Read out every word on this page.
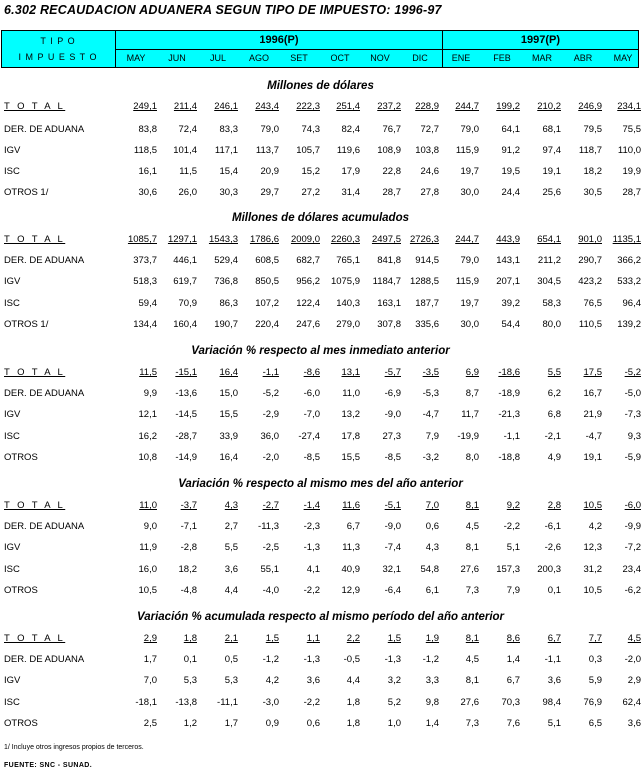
6.302 RECAUDACION ADUANERA SEGUN TIPO DE IMPUESTO: 1996-97
T I P O
I M P U E S T O
1996(P)	1997(P)
MAY	JUN	JUL	AGO	SET	OCT	NOV	DIC	ENE	FEB	MAR	ABR	MAY
Millones de dólares
T O T A L	249,1	211,4	246,1	243,4	222,3	251,4	237,2	228,9	244,7	199,2	210,2	246,9	234,1
DER. DE ADUANA	83,8	72,4	83,3	79,0	74,3	82,4	76,7	72,7	79,0	64,1	68,1	79,5	75,5
IGV	118,5	101,4	117,1	113,7	105,7	119,6	108,9	103,8	115,9	91,2	97,4	118,7	110,0
ISC	16,1	11,5	15,4	20,9	15,2	17,9	22,8	24,6	19,7	19,5	19,1	18,2	19,9
OTROS 1/	30,6	26,0	30,3	29,7	27,2	31,4	28,7	27,8	30,0	24,4	25,6	30,5	28,7
Millones de dólares acumulados
T O T A L	1085,7	1297,1	1543,3	1786,6	2009,0	2260,3	2497,5 2726,3	244,7	443,9	654,1	901,0	1135,1
DER. DE ADUANA	373,7	446,1	529,4	608,5	682,7	765,1	841,8	914,5	79,0	143,1	211,2	290,7	366,2
IGV	518,3	619,7	736,8	850,5	956,2	1075,9	1184,7 1288,5	115,9	207,1	304,5	423,2	533,2
ISC	59,4	70,9	86,3	107,2	122,4	140,3	163,1	187,7	19,7	39,2	58,3	76,5	96,4
OTROS 1/	134,4	160,4	190,7	220,4	247,6	279,0	307,8	335,6	30,0	54,4	80,0	110,5	139,2
Variación % respecto al mes inmediato anterior
T O T A L	11,5	-15,1	16,4	-1,1	-8,6	13,1	-5,7	-3,5	6,9	-18,6	5,5	17,5	-5,2
DER. DE ADUANA	9,9	-13,6	15,0	-5,2	-6,0	11,0	-6,9	-5,3	8,7	-18,9	6,2	16,7	-5,0
IGV	12,1	-14,5	15,5	-2,9	-7,0	13,2	-9,0	-4,7	11,7	-21,3	6,8	21,9	-7,3
ISC	16,2	-28,7	33,9	36,0	-27,4	17,8	27,3	7,9	-19,9	-1,1	-2,1	-4,7	9,3
OTROS	10,8	-14,9	16,4	-2,0	-8,5	15,5	-8,5	-3,2	8,0	-18,8	4,9	19,1	-5,9
Variación % respecto al mismo mes del año anterior
T O T A L	11,0	-3,7	4,3	-2,7	-1,4	11,6	-5,1	7,0	8,1	9,2	2,8	10,5	-6,0
DER. DE ADUANA	9,0	-7,1	2,7	-11,3	-2,3	6,7	-9,0	0,6	4,5	-2,2	-6,1	4,2	-9,9
IGV	11,9	-2,8	5,5	-2,5	-1,3	11,3	-7,4	4,3	8,1	5,1	-2,6	12,3	-7,2
ISC	16,0	18,2	3,6	55,1	4,1	40,9	32,1	54,8	27,6	157,3	200,3	31,2	23,4
OTROS	10,5	-4,8	4,4	-4,0	-2,2	12,9	-6,4	6,1	7,3	7,9	0,1	10,5	-6,2
Variación % acumulada respecto al mismo período del año anterior
T O T A L	2,9	1,8	2,1	1,5	1,1	2,2	1,5	1,9	8,1	8,6	6,7	7,7	4,5
DER. DE ADUANA	1,7	0,1	0,5	-1,2	-1,3	-0,5	-1,3	-1,2	4,5	1,4	-1,1	0,3	-2,0
IGV	7,0	5,3	5,3	4,2	3,6	4,4	3,2	3,3	8,1	6,7	3,6	5,9	2,9
ISC	-18,1	-13,8	-11,1	-3,0	-2,2	1,8	5,2	9,8	27,6	70,3	98,4	76,9	62,4
OTROS	2,5	1,2	1,7	0,9	0,6	1,8	1,0	1,4	7,3	7,6	5,1	6,5	3,6
1/ Incluye otros ingresos propios de terceros.
FUENTE: SNC - SUNAD.
